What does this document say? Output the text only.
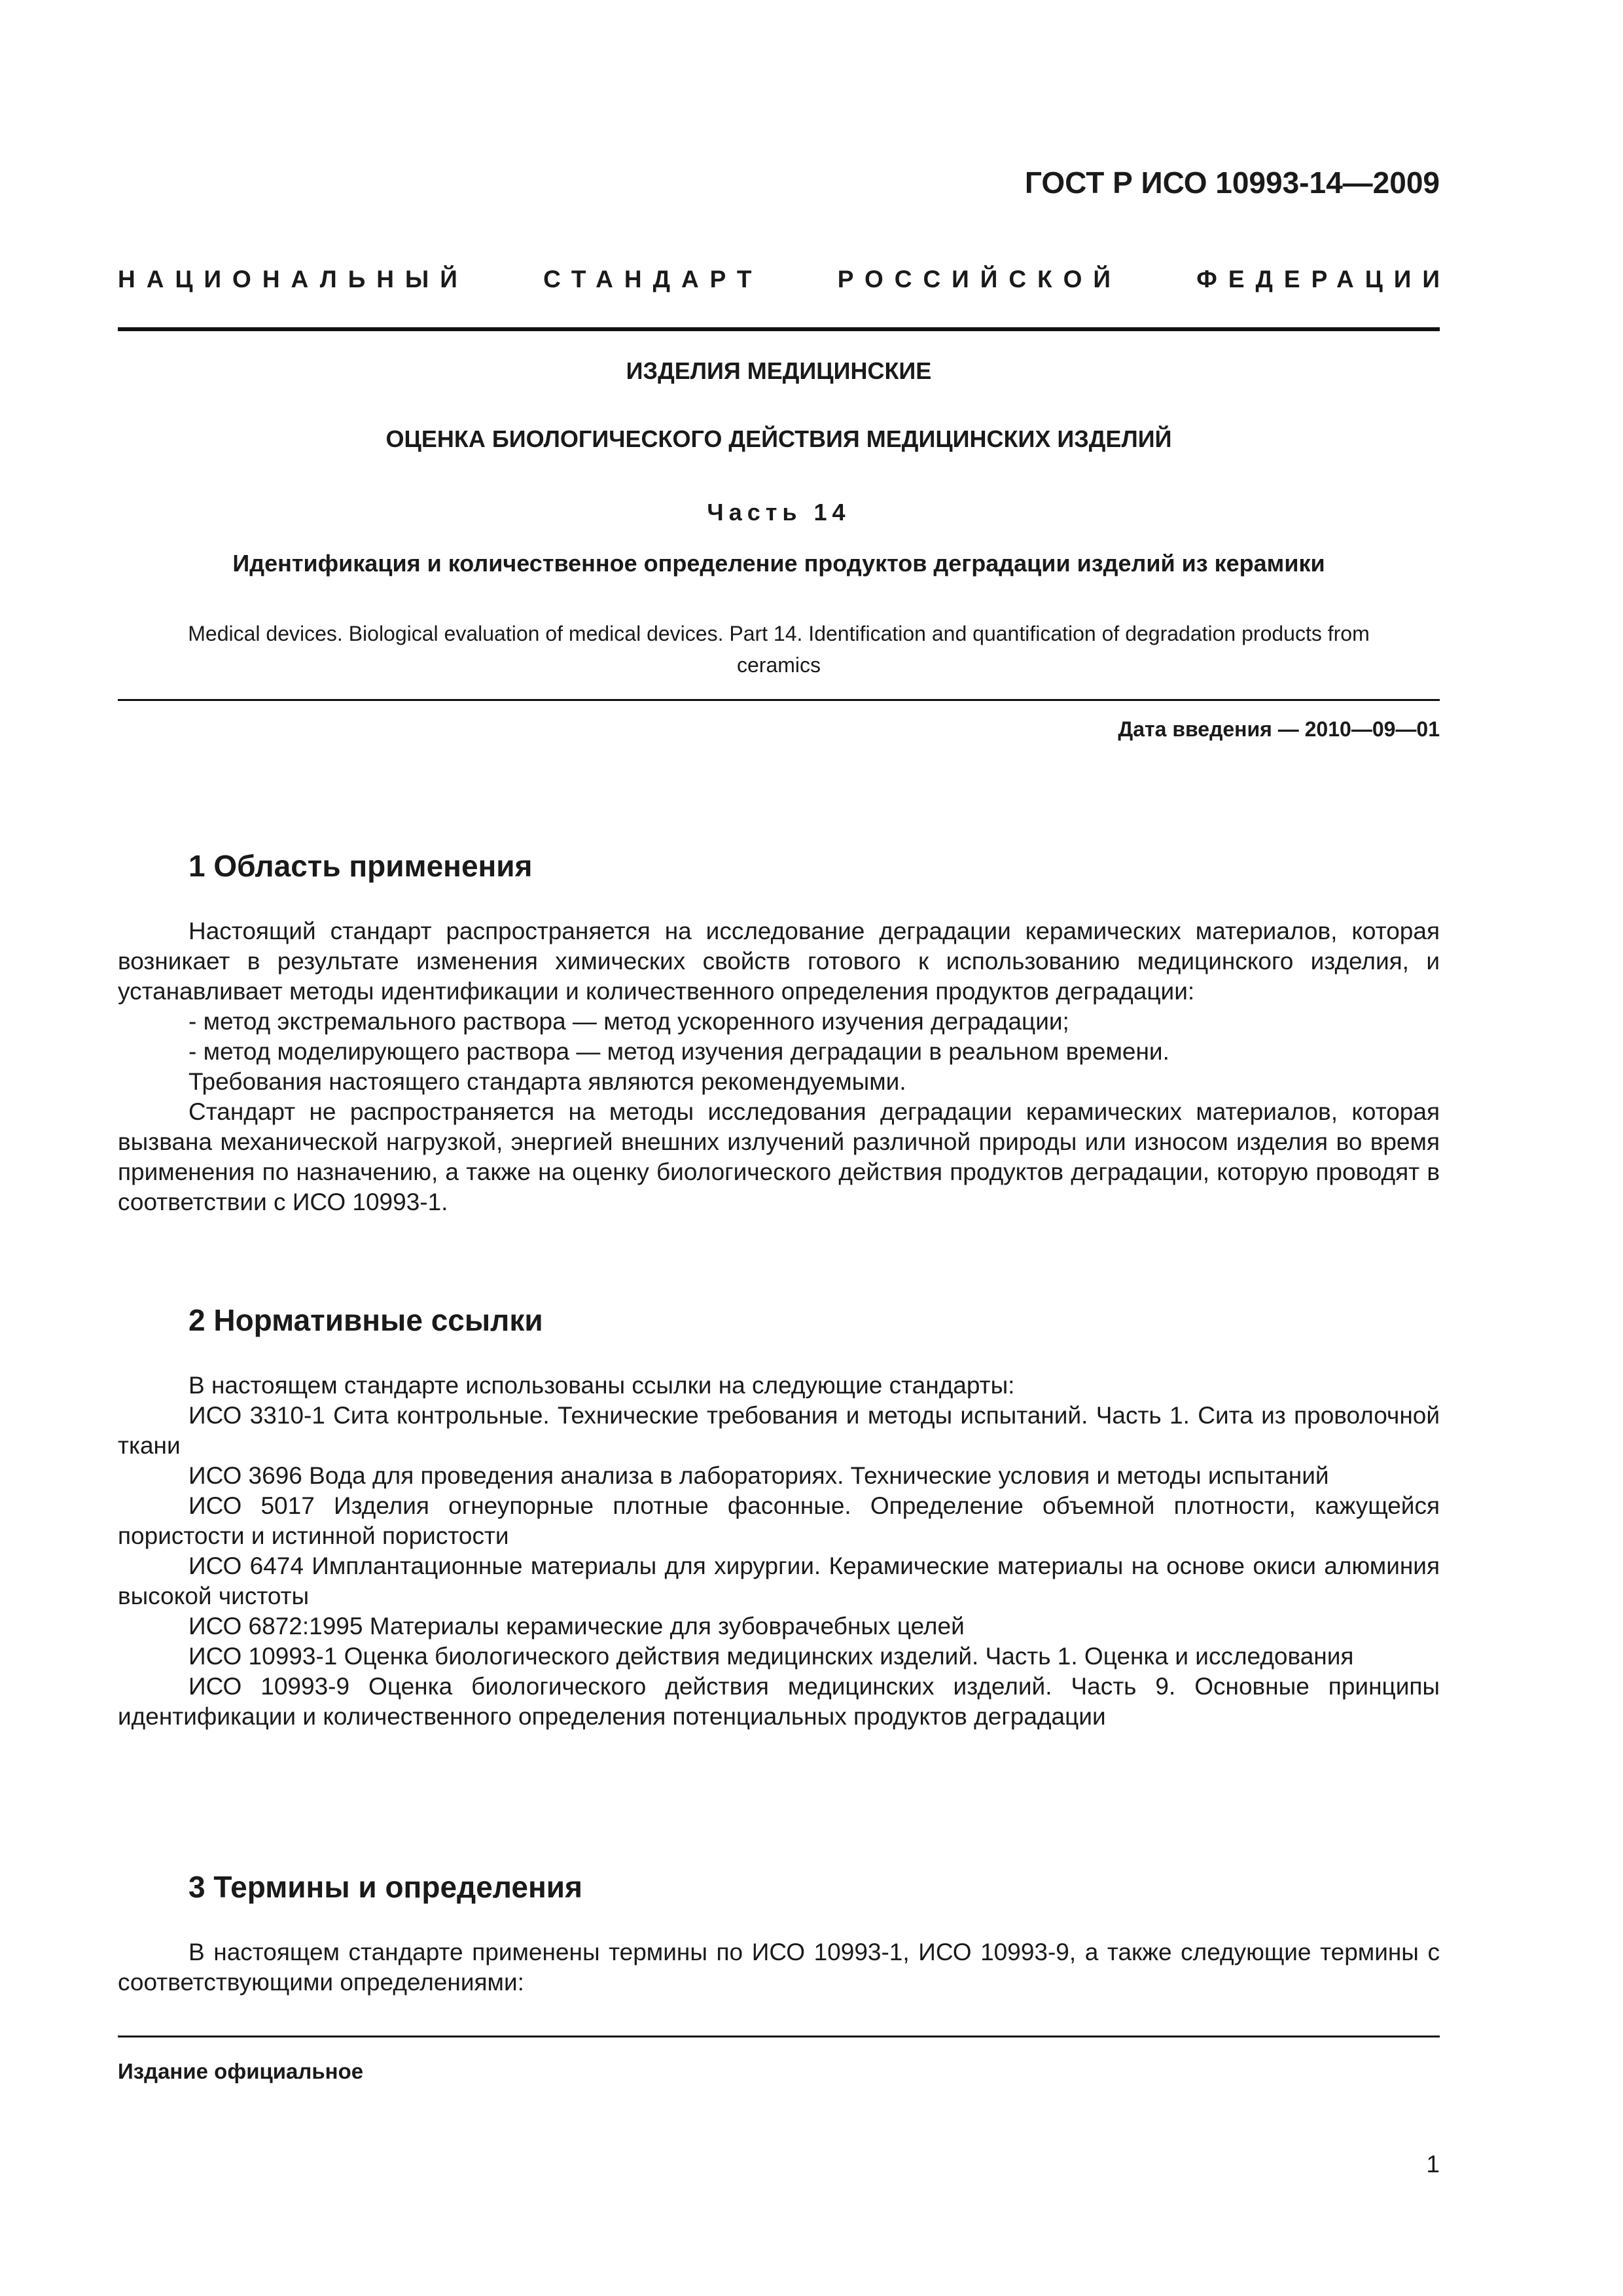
ГОСТ Р ИСО 10993-14—2009
НАЦИОНАЛЬНЫЙ	СТАНДАРТ	РОССИЙСКОЙ	ФЕДЕРАЦИИ
ИЗДЕЛИЯ МЕДИЦИНСКИЕ
ОЦЕНКА БИОЛОГИЧЕСКОГО ДЕЙСТВИЯ МЕДИЦИНСКИХ ИЗДЕЛИЙ
Часть 14
Идентификация и количественное определение продуктов деградации изделий из керамики
Medical devices. Biological evaluation of medical devices. Part 14. Identification and quantification of degradation products from ceramics
Дата введения — 2010—09—01
1 Область применения

Настоящий стандарт распространяется на исследование деградации керамических материалов, которая возникает в результате изменения химических свойств готового к использованию медицинского изделия, и устанавливает методы идентификации и количественного определения продуктов деградации:

- метод экстремального раствора — метод ускоренного изучения деградации;

- метод моделирующего раствора — метод изучения деградации в реальном времени.

Требования настоящего стандарта являются рекомендуемыми.

Стандарт не распространяется на методы исследования деградации керамических материалов, которая вызвана механической нагрузкой, энергией внешних излучений различной природы или износом изделия во время применения по назначению, а также на оценку биологического действия продуктов деградации, которую проводят в соответствии с ИСО 10993-1.

2 Нормативные ссылки

В настоящем стандарте использованы ссылки на следующие стандарты:

ИСО 3310-1 Сита контрольные. Технические требования и методы испытаний. Часть 1. Сита из проволочной ткани

ИСО 3696 Вода для проведения анализа в лабораториях. Технические условия и методы испытаний

ИСО 5017 Изделия огнеупорные плотные фасонные. Определение объемной плотности, кажущейся пористости и истинной пористости

ИСО 6474 Имплантационные материалы для хирургии. Керамические материалы на основе окиси алюминия высокой чистоты

ИСО 6872:1995 Материалы керамические для зубоврачебных целей

ИСО 10993-1 Оценка биологического действия медицинских изделий. Часть 1. Оценка и исследования

ИСО 10993-9 Оценка биологического действия медицинских изделий. Часть 9. Основные принципы идентификации и количественного определения потенциальных продуктов деградации

3 Термины и определения

В настоящем стандарте применены термины по ИСО 10993-1, ИСО 10993-9, а также следующие термины с соответствующими определениями:

Издание официальное
1
